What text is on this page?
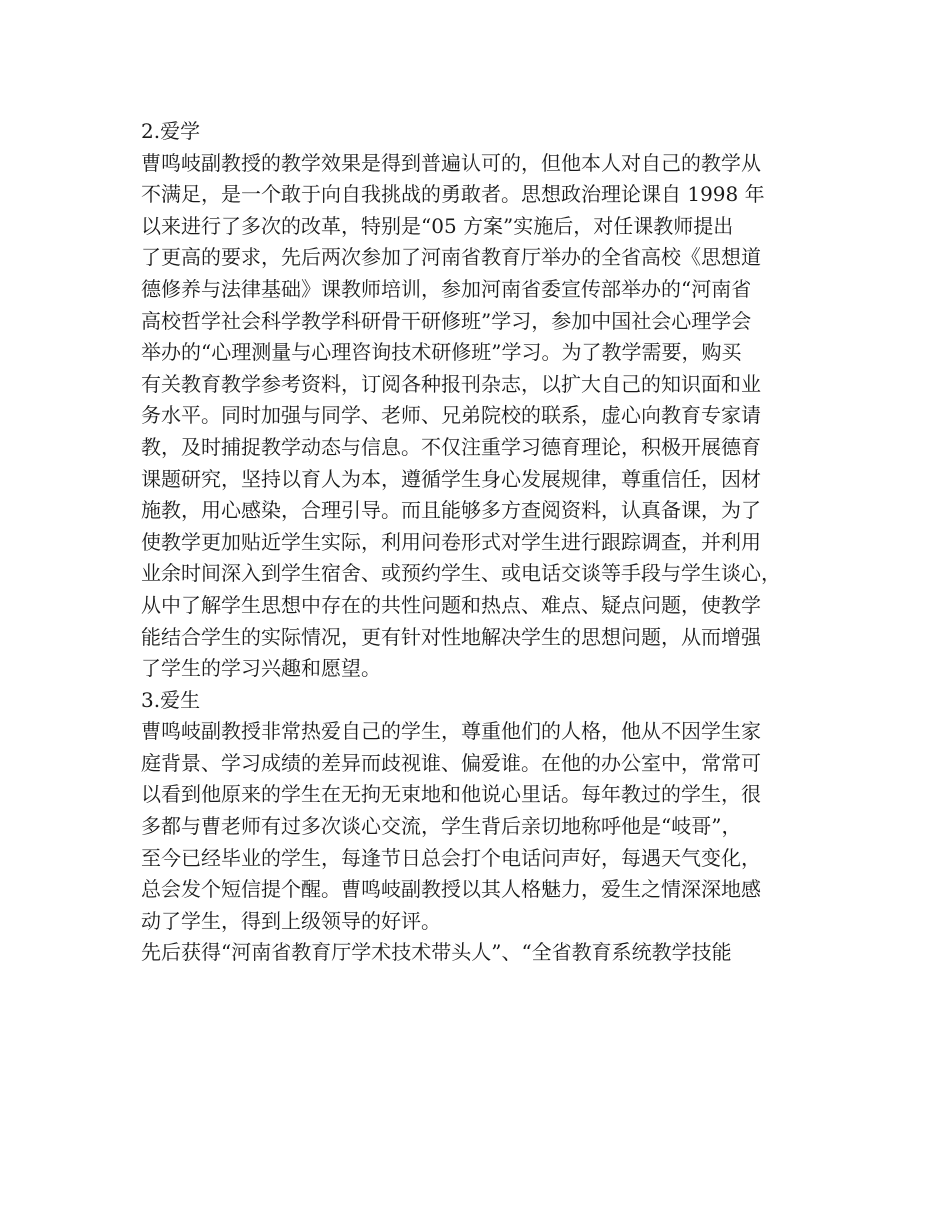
2.爱学
曹鸣岐副教授的教学效果是得到普遍认可的，但他本人对自己的教学从
不满足，是一个敢于向自我挑战的勇敢者。思想政治理论课自 1998 年
以来进行了多次的改革，特别是“05 方案”实施后，对任课教师提出
了更高的要求，先后两次参加了河南省教育厅举办的全省高校《思想道
德修养与法律基础》课教师培训，参加河南省委宣传部举办的“河南省
高校哲学社会科学教学科研骨干研修班”学习，参加中国社会心理学会
举办的“心理测量与心理咨询技术研修班”学习。为了教学需要，购买
有关教育教学参考资料，订阅各种报刊杂志，以扩大自己的知识面和业
务水平。同时加强与同学、老师、兄弟院校的联系，虚心向教育专家请
教，及时捕捉教学动态与信息。不仅注重学习德育理论，积极开展德育
课题研究，坚持以育人为本，遵循学生身心发展规律，尊重信任，因材
施教，用心感染，合理引导。而且能够多方查阅资料，认真备课，为了
使教学更加贴近学生实际，利用问卷形式对学生进行跟踪调查，并利用
业余时间深入到学生宿舍、或预约学生、或电话交谈等手段与学生谈心，
从中了解学生思想中存在的共性问题和热点、难点、疑点问题，使教学
能结合学生的实际情况，更有针对性地解决学生的思想问题，从而增强
了学生的学习兴趣和愿望。
3.爱生
曹鸣岐副教授非常热爱自己的学生，尊重他们的人格，他从不因学生家
庭背景、学习成绩的差异而歧视谁、偏爱谁。在他的办公室中，常常可
以看到他原来的学生在无拘无束地和他说心里话。每年教过的学生，很
多都与曹老师有过多次谈心交流，学生背后亲切地称呼他是“岐哥”，
至今已经毕业的学生，每逢节日总会打个电话问声好，每遇天气变化，
总会发个短信提个醒。曹鸣岐副教授以其人格魅力，爱生之情深深地感
动了学生，得到上级领导的好评。
先后获得“河南省教育厅学术技术带头人”、“全省教育系统教学技能
